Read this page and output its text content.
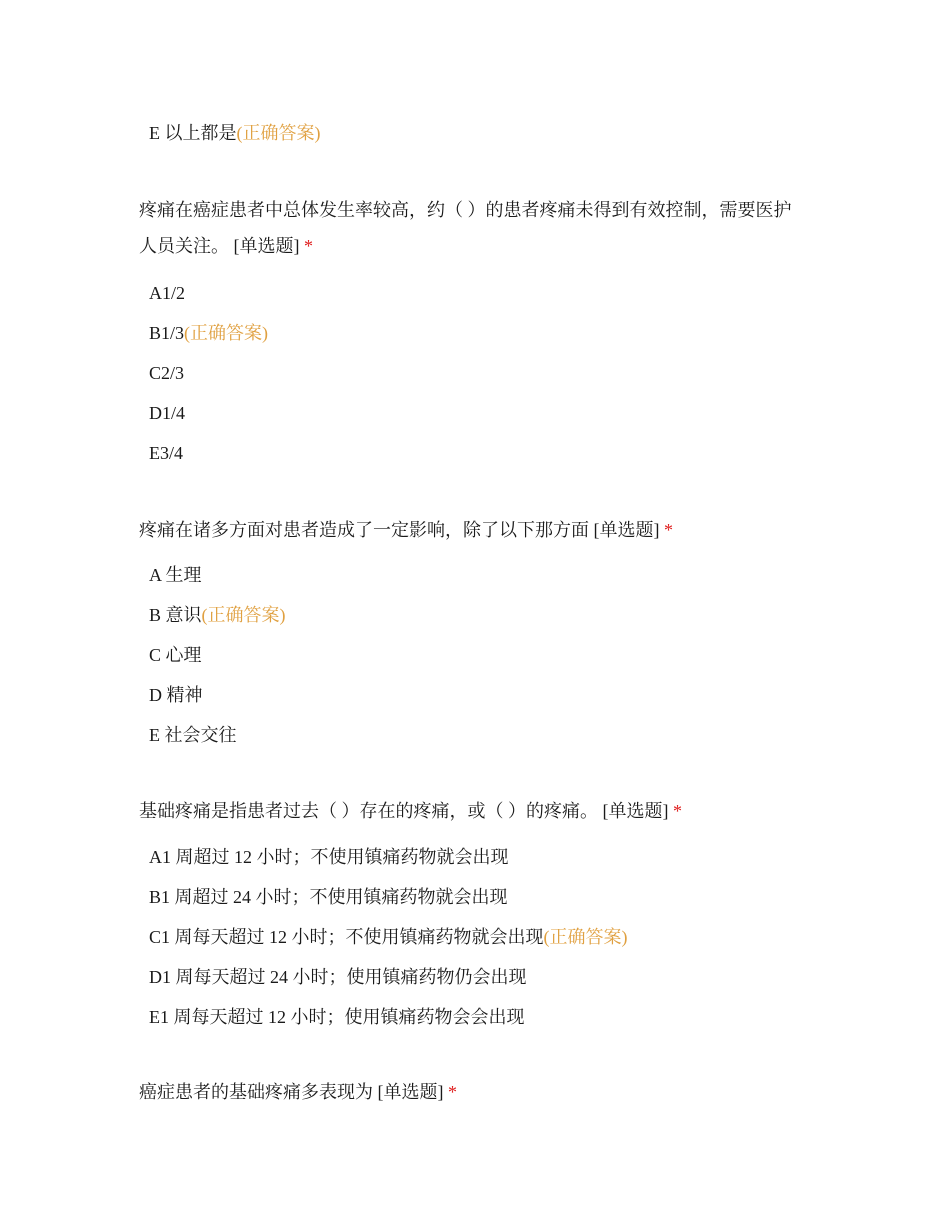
E 以上都是(正确答案)
疼痛在癌症患者中总体发生率较高，约（ ）的患者疼痛未得到有效控制，需要医护人员关注。 [单选题] *
A1/2
B1/3(正确答案)
C2/3
D1/4
E3/4
疼痛在诸多方面对患者造成了一定影响，除了以下那方面 [单选题] *
A 生理
B 意识(正确答案)
C 心理
D 精神
E 社会交往
基础疼痛是指患者过去（ ）存在的疼痛，或（ ）的疼痛。 [单选题] *
A1 周超过 12 小时；不使用镇痛药物就会出现
B1 周超过 24 小时；不使用镇痛药物就会出现
C1 周每天超过 12 小时；不使用镇痛药物就会出现(正确答案)
D1 周每天超过 24 小时；使用镇痛药物仍会出现
E1 周每天超过 12 小时；使用镇痛药物会会出现
癌症患者的基础疼痛多表现为 [单选题] *
